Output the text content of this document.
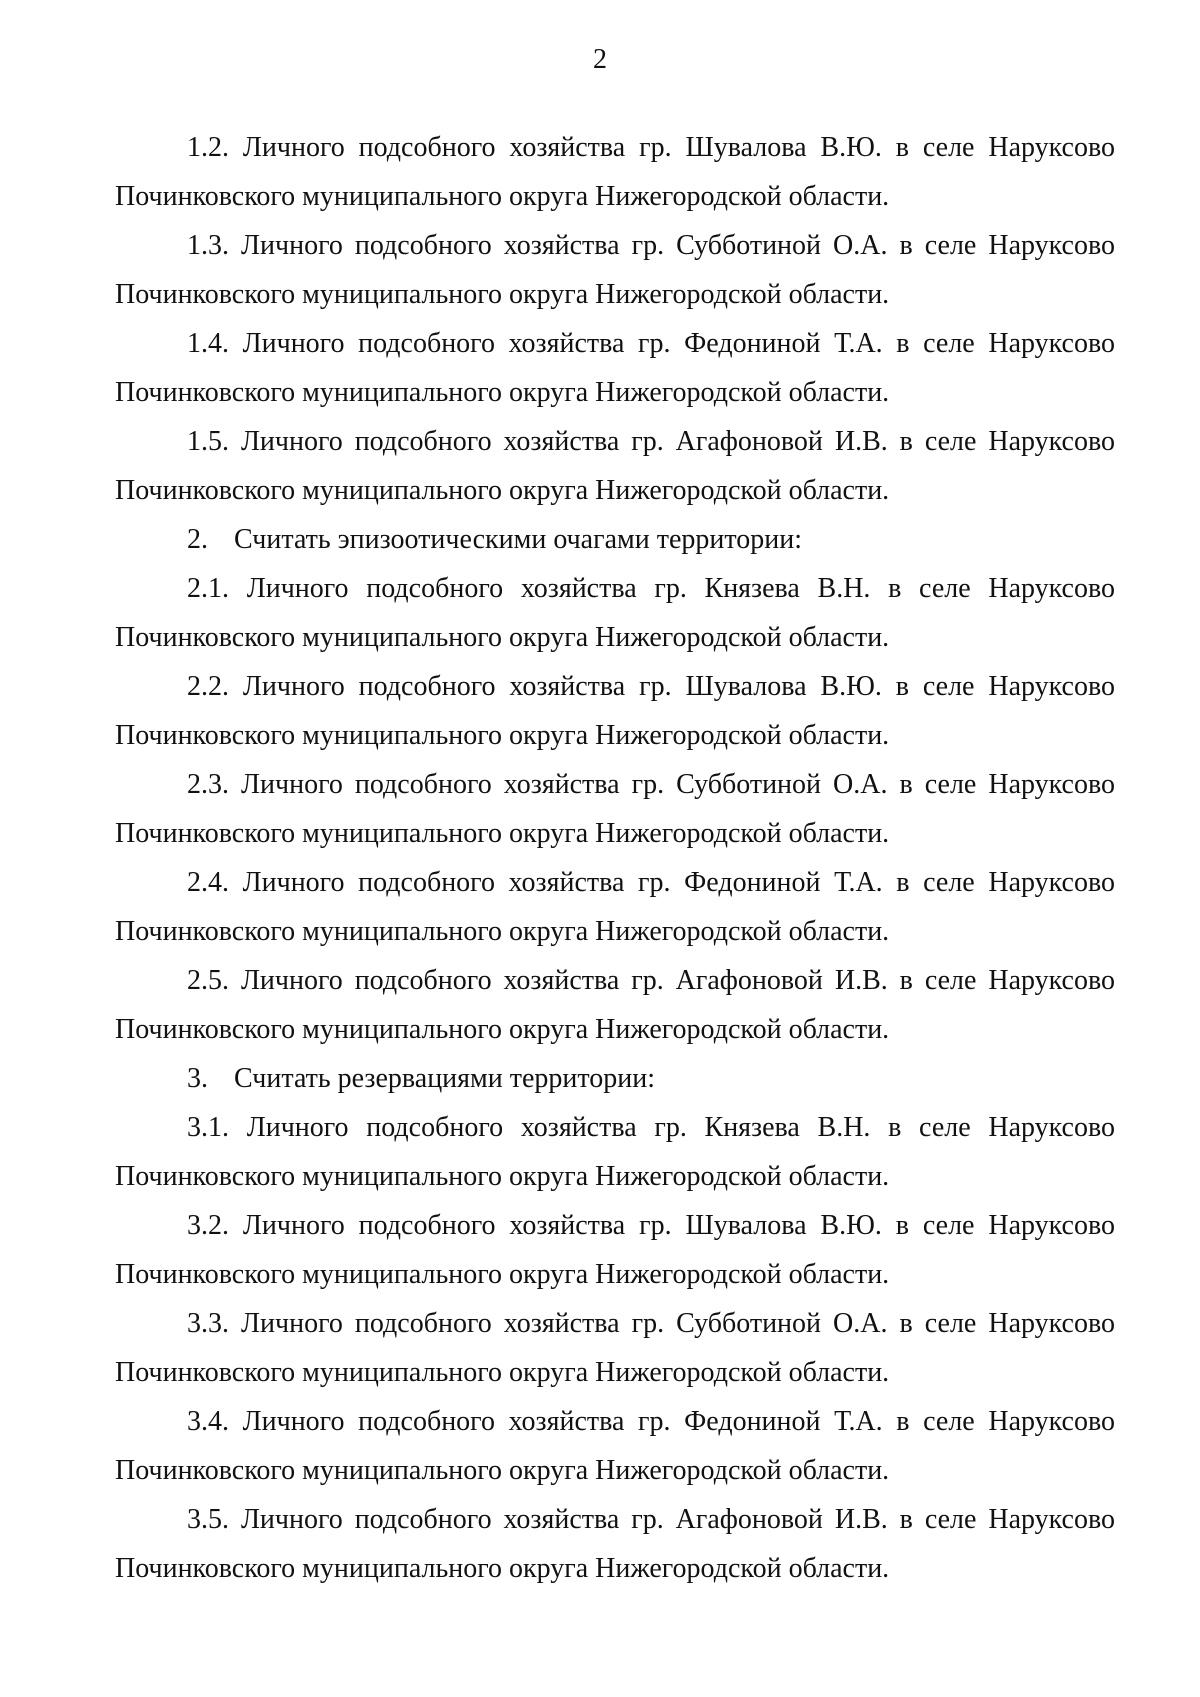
2

1.2. Личного подсобного хозяйства гр. Шувалова В.Ю. в селе Наруксово Починковского муниципального округа Нижегородской области.

1.3. Личного подсобного хозяйства гр. Субботиной О.А. в селе Наруксово Починковского муниципального округа Нижегородской области.

1.4. Личного подсобного хозяйства гр. Федониной Т.А. в селе Наруксово Починковского муниципального округа Нижегородской области.

1.5. Личного подсобного хозяйства гр. Агафоновой И.В. в селе Наруксово Починковского муниципального округа Нижегородской области.

2. Считать эпизоотическими очагами территории:

2.1. Личного подсобного хозяйства гр. Князева В.Н. в селе Наруксово Починковского муниципального округа Нижегородской области.

2.2. Личного подсобного хозяйства гр. Шувалова В.Ю. в селе Наруксово Починковского муниципального округа Нижегородской области.

2.3. Личного подсобного хозяйства гр. Субботиной О.А. в селе Наруксово Починковского муниципального округа Нижегородской области.

2.4. Личного подсобного хозяйства гр. Федониной Т.А. в селе Наруксово Починковского муниципального округа Нижегородской области.

2.5. Личного подсобного хозяйства гр. Агафоновой И.В. в селе Наруксово Починковского муниципального округа Нижегородской области.

3. Считать резервациями территории:

3.1. Личного подсобного хозяйства гр. Князева В.Н. в селе Наруксово Починковского муниципального округа Нижегородской области.

3.2. Личного подсобного хозяйства гр. Шувалова В.Ю. в селе Наруксово Починковского муниципального округа Нижегородской области.

3.3. Личного подсобного хозяйства гр. Субботиной О.А. в селе Наруксово Починковского муниципального округа Нижегородской области.

3.4. Личного подсобного хозяйства гр. Федониной Т.А. в селе Наруксово Починковского муниципального округа Нижегородской области.

3.5. Личного подсобного хозяйства гр. Агафоновой И.В. в селе Наруксово Починковского муниципального округа Нижегородской области.
